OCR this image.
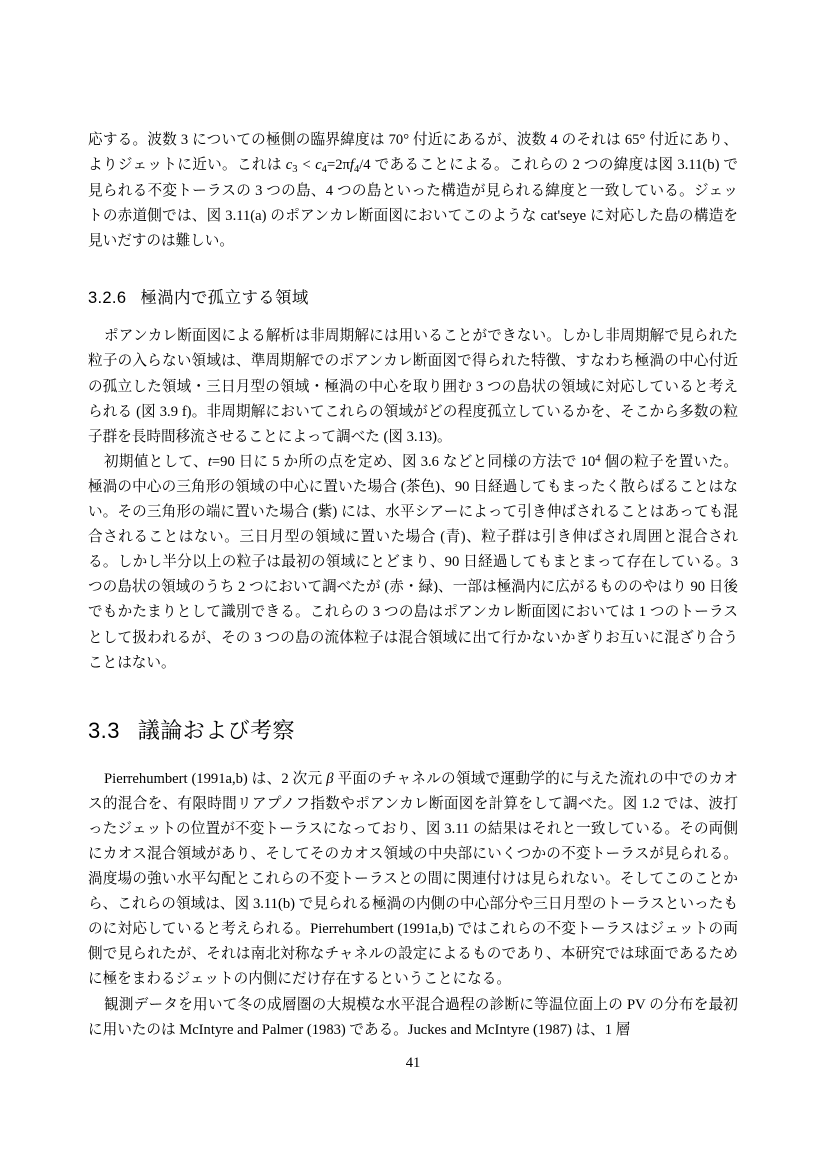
応する。波数 3 についての極側の臨界緯度は 70° 付近にあるが、波数 4 のそれは 65° 付近にあり、よりジェットに近い。これは $c_3 < c_4=2\pi f_4/4$ であることによる。これらの 2 つの緯度は図 3.11(b) で見られる不変トーラスの 3 つの島、4 つの島といった構造が見られる緯度と一致している。ジェットの赤道側では、図 3.11(a) のポアンカレ断面図においてこのような cat'seye に対応した島の構造を見いだすのは難しい。

3.2.6 極渦内で孤立する領域

ポアンカレ断面図による解析は非周期解には用いることができない。しかし非周期解で見られた粒子の入らない領域は、準周期解でのポアンカレ断面図で得られた特徴、すなわち極渦の中心付近の孤立した領域・三日月型の領域・極渦の中心を取り囲む 3 つの島状の領域に対応していると考えられる (図 3.9 f)。非周期解においてこれらの領域がどの程度孤立しているかを、そこから多数の粒子群を長時間移流させることによって調べた (図 3.13)。

初期値として、t=90 日に 5 か所の点を定め、図 3.6 などと同様の方法で $10^4$ 個の粒子を置いた。極渦の中心の三角形の領域の中心に置いた場合 (茶色)、90 日経過してもまったく散らばることはない。その三角形の端に置いた場合 (紫) には、水平シアーによって引き伸ばされることはあっても混合されることはない。三日月型の領域に置いた場合 (青)、粒子群は引き伸ばされ周囲と混合される。しかし半分以上の粒子は最初の領域にとどまり、90 日経過してもまとまって存在している。3 つの島状の領域のうち 2 つにおいて調べたが (赤・緑)、一部は極渦内に広がるもののやはり 90 日後でもかたまりとして識別できる。これらの 3 つの島はポアンカレ断面図においては 1 つのトーラスとして扱われるが、その 3 つの島の流体粒子は混合領域に出て行かないかぎりお互いに混ざり合うことはない。

3.3 議論および考察

Pierrehumbert (1991a,b) は、2 次元 β 平面のチャネルの領域で運動学的に与えた流れの中でのカオス的混合を、有限時間リアプノフ指数やポアンカレ断面図を計算をして調べた。図 1.2 では、波打ったジェットの位置が不変トーラスになっており、図 3.11 の結果はそれと一致している。その両側にカオス混合領域があり、そしてそのカオス領域の中央部にいくつかの不変トーラスが見られる。渦度場の強い水平勾配とこれらの不変トーラスとの間に関連付けは見られない。そしてこのことから、これらの領域は、図 3.11(b) で見られる極渦の内側の中心部分や三日月型のトーラスといったものに対応していると考えられる。Pierrehumbert (1991a,b) ではこれらの不変トーラスはジェットの両側で見られたが、それは南北対称なチャネルの設定によるものであり、本研究では球面であるために極をまわるジェットの内側にだけ存在するということになる。

観測データを用いて冬の成層圏の大規模な水平混合過程の診断に等温位面上の PV の分布を最初に用いたのは McIntyre and Palmer (1983) である。Juckes and McIntyre (1987) は、1 層

41
